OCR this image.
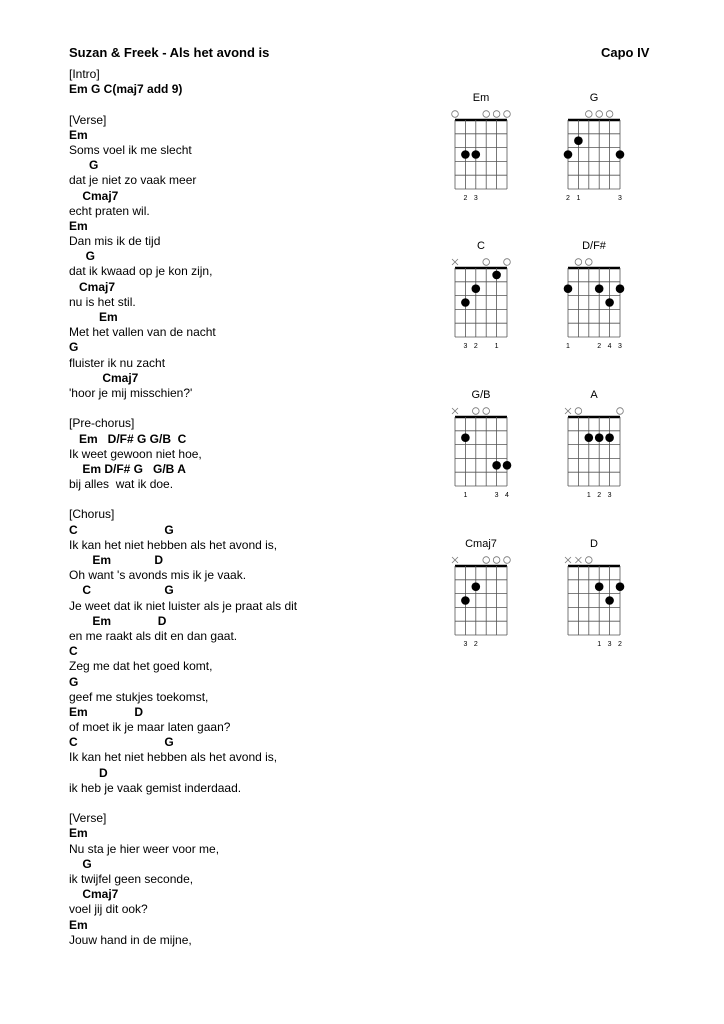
Suzan & Freek - Als het avond is	Capo IV
[Intro]
Em G C(maj7 add 9)
[Verse]
Em
Soms voel ik me slecht
G
dat je niet zo vaak meer
Cmaj7
echt praten wil.
Em
Dan mis ik de tijd
G
dat ik kwaad op je kon zijn,
Cmaj7
nu is het stil.
Em
Met het vallen van de nacht
G
fluister ik nu zacht
Cmaj7
'hoor je mij misschien?'
[Pre-chorus]
Em   D/F# G G/B  C
Ik weet gewoon niet hoe,
Em D/F# G   G/B A
bij alles  wat ik doe.
[Chorus]
C                          G
Ik kan het niet hebben als het avond is,
Em             D
Oh want 's avonds mis ik je vaak.
C                      G
Je weet dat ik niet luister als je praat als dit
Em              D
en me raakt als dit en dan gaat.
C
Zeg me dat het goed komt,
G
geef me stukjes toekomst,
Em              D
of moet ik je maar laten gaan?
C                          G
Ik kan het niet hebben als het avond is,
D
ik heb je vaak gemist inderdaad.
[Verse]
Em
Nu sta je hier weer voor me,
G
ik twijfel geen seconde,
Cmaj7
voel jij dit ook?
Em
Jouw hand in de mijne,
Em
2 3
G
2 1	3
C
3 2 1
D/F#
1	2 4 3
G/B
1	3 4
A
1 2 3
Cmaj7
3 2
D
1 3 2
